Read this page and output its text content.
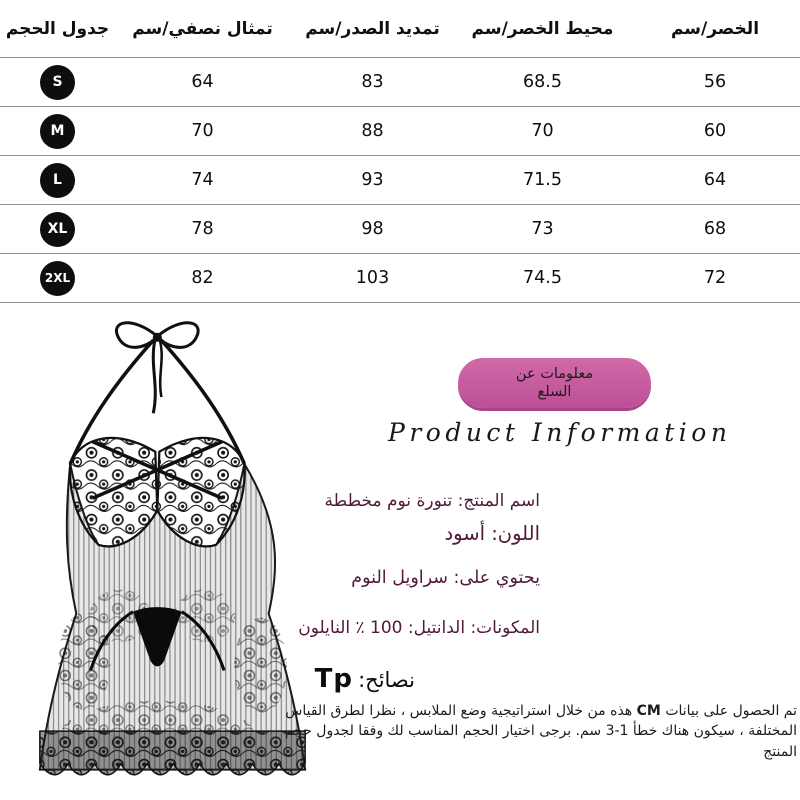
الخصر/سم	محيط الخصر/سم	تمديد الصدر/سم	تمثال نصفي/سم	جدول الحجم
56	68.5	83	64	S
60	70	88	70	M
64	71.5	93	74	L
68	73	98	78	XL
72	74.5	103	82	2XL
معلومات عن
السلع
Product Information
اسم المنتج: تنورة نوم مخططة
اللون: أسود
يحتوي على: سراويل النوم
المكونات: الدانتيل: 100 ٪ النايلون
نصائح: Tp
تم الحصول على بيانات CM هذه من خلال استراتيجية وضع الملابس ، نظرا لطرق القياس المختلفة ، سيكون هناك خطأ 1-3 سم. برجى اختيار الحجم المناسب لك وفقا لجدول حجم المنتج
